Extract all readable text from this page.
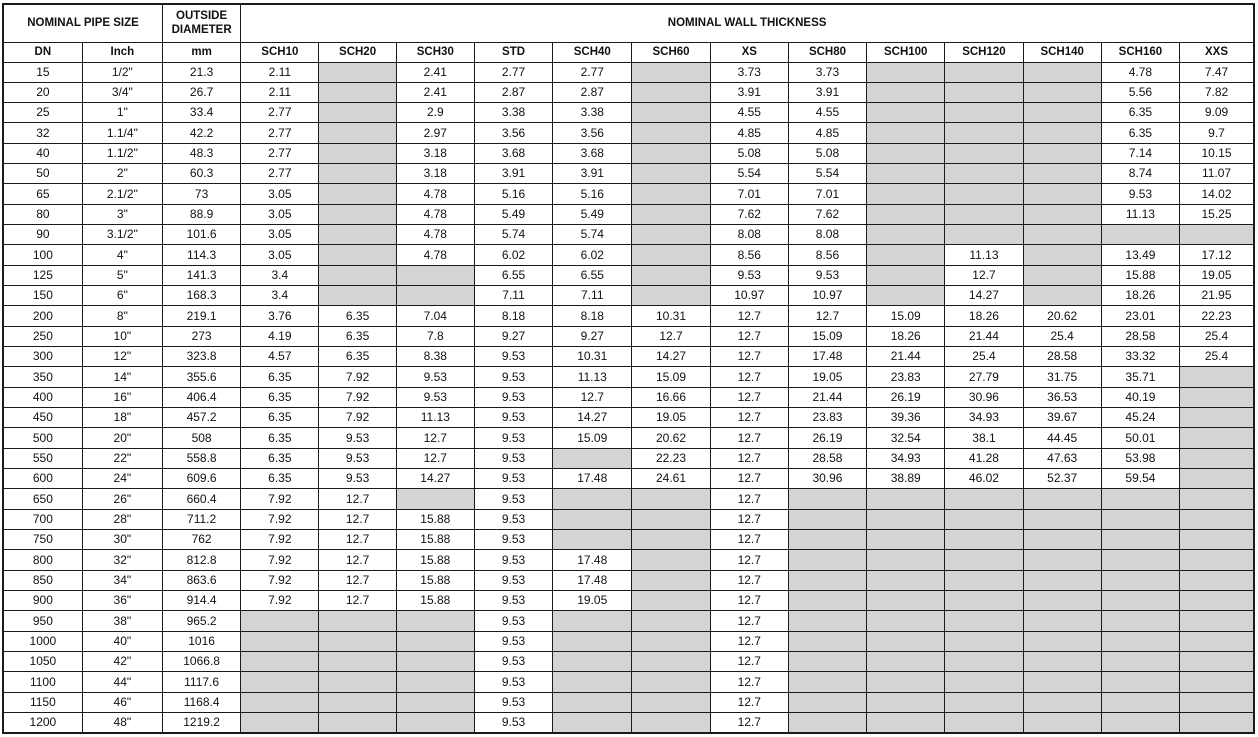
NOMINAL PIPE SIZE		OUTSIDE DIAMETER	NOMINAL WALL THICKNESS												
DN	Inch	mm	SCH10	SCH20	SCH30	STD	SCH40	SCH60	XS	SCH80	SCH100	SCH120	SCH140	SCH160	XXS
15	1/2"	21.3	2.11		2.41	2.77	2.77		3.73	3.73				4.78	7.47
20	3/4"	26.7	2.11		2.41	2.87	2.87		3.91	3.91				5.56	7.82
25	1"	33.4	2.77		2.9	3.38	3.38		4.55	4.55				6.35	9.09
32	1.1/4"	42.2	2.77		2.97	3.56	3.56		4.85	4.85				6.35	9.7
40	1.1/2"	48.3	2.77		3.18	3.68	3.68		5.08	5.08				7.14	10.15
50	2"	60.3	2.77		3.18	3.91	3.91		5.54	5.54				8.74	11.07
65	2.1/2"	73	3.05		4.78	5.16	5.16		7.01	7.01				9.53	14.02
80	3"	88.9	3.05		4.78	5.49	5.49		7.62	7.62				11.13	15.25
90	3.1/2"	101.6	3.05		4.78	5.74	5.74		8.08	8.08					
100	4"	114.3	3.05		4.78	6.02	6.02		8.56	8.56		11.13		13.49	17.12
125	5"	141.3	3.4			6.55	6.55		9.53	9.53		12.7		15.88	19.05
150	6"	168.3	3.4			7.11	7.11		10.97	10.97		14.27		18.26	21.95
200	8"	219.1	3.76	6.35	7.04	8.18	8.18	10.31	12.7	12.7	15.09	18.26	20.62	23.01	22.23
250	10"	273	4.19	6.35	7.8	9.27	9.27	12.7	12.7	15.09	18.26	21.44	25.4	28.58	25.4
300	12"	323.8	4.57	6.35	8.38	9.53	10.31	14.27	12.7	17.48	21.44	25.4	28.58	33.32	25.4
350	14"	355.6	6.35	7.92	9.53	9.53	11.13	15.09	12.7	19.05	23.83	27.79	31.75	35.71	
400	16"	406.4	6.35	7.92	9.53	9.53	12.7	16.66	12.7	21.44	26.19	30.96	36.53	40.19	
450	18"	457.2	6.35	7.92	11.13	9.53	14.27	19.05	12.7	23.83	39.36	34.93	39.67	45.24	
500	20"	508	6.35	9.53	12.7	9.53	15.09	20.62	12.7	26.19	32.54	38.1	44.45	50.01	
550	22"	558.8	6.35	9.53	12.7	9.53		22.23	12.7	28.58	34.93	41.28	47.63	53.98	
600	24"	609.6	6.35	9.53	14.27	9.53	17.48	24.61	12.7	30.96	38.89	46.02	52.37	59.54	
650	26"	660.4	7.92	12.7		9.53			12.7						
700	28"	711.2	7.92	12.7	15.88	9.53			12.7						
750	30"	762	7.92	12.7	15.88	9.53			12.7						
800	32"	812.8	7.92	12.7	15.88	9.53	17.48		12.7						
850	34"	863.6	7.92	12.7	15.88	9.53	17.48		12.7						
900	36"	914.4	7.92	12.7	15.88	9.53	19.05		12.7						
950	38"	965.2				9.53			12.7						
1000	40"	1016				9.53			12.7						
1050	42"	1066.8				9.53			12.7						
1100	44"	1117.6				9.53			12.7						
1150	46"	1168.4				9.53			12.7						
1200	48"	1219.2				9.53			12.7						
